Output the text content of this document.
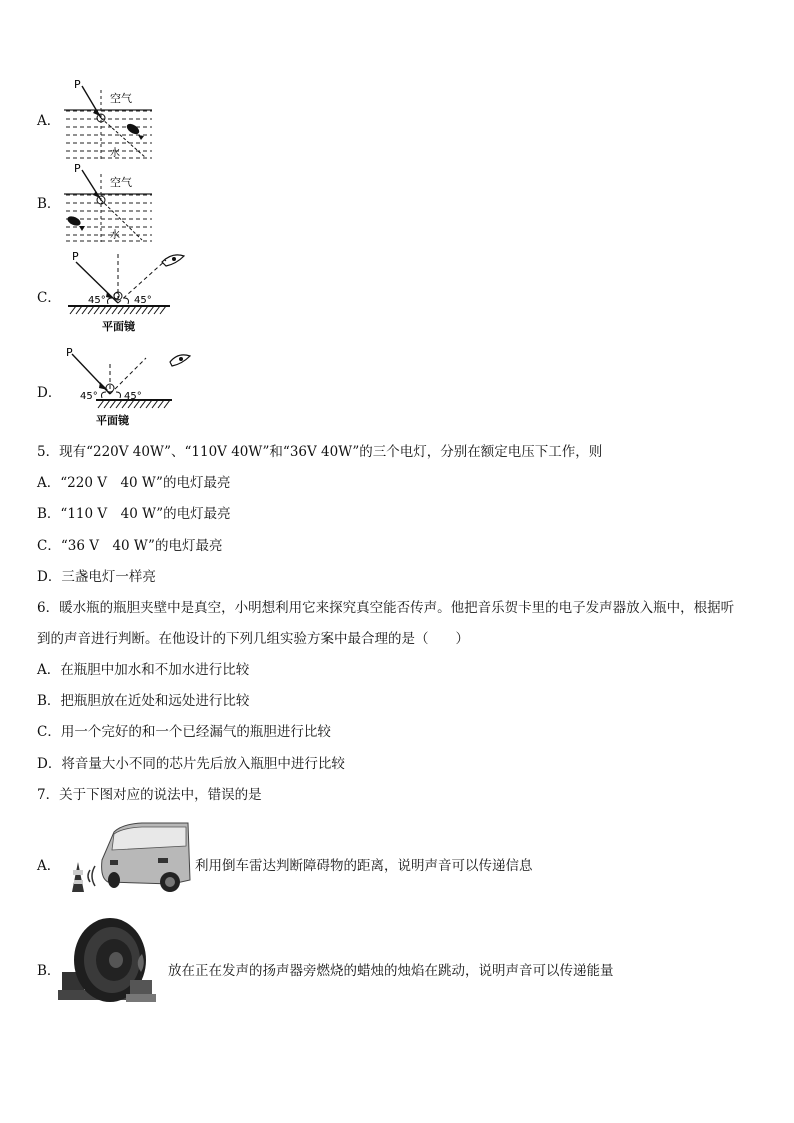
A．
P
空气
水
B．
P
空气
水
C．
P
O
45°	45°
平面镜
D．
P
45°	45°
平面镜
5．现有“220V 40W”、“110V 40W”和“36V 40W”的三个电灯，分别在额定电压下工作，则
A．“220 V　40 W”的电灯最亮
B．“110 V　40 W”的电灯最亮
C．“36 V　40 W”的电灯最亮
D．三盏电灯一样亮
6．暖水瓶的瓶胆夹壁中是真空，小明想利用它来探究真空能否传声。他把音乐贺卡里的电子发声器放入瓶中，根据听
到的声音进行判断。在他设计的下列几组实验方案中最合理的是（　　）
A．在瓶胆中加水和不加水进行比较
B．把瓶胆放在近处和远处进行比较
C．用一个完好的和一个已经漏气的瓶胆进行比较
D．将音量大小不同的芯片先后放入瓶胆中进行比较
7．关于下图对应的说法中，错误的是
A．	利用倒车雷达判断障碍物的距离，说明声音可以传递信息
B．	放在正在发声的扬声器旁燃烧的蜡烛的烛焰在跳动，说明声音可以传递能量
